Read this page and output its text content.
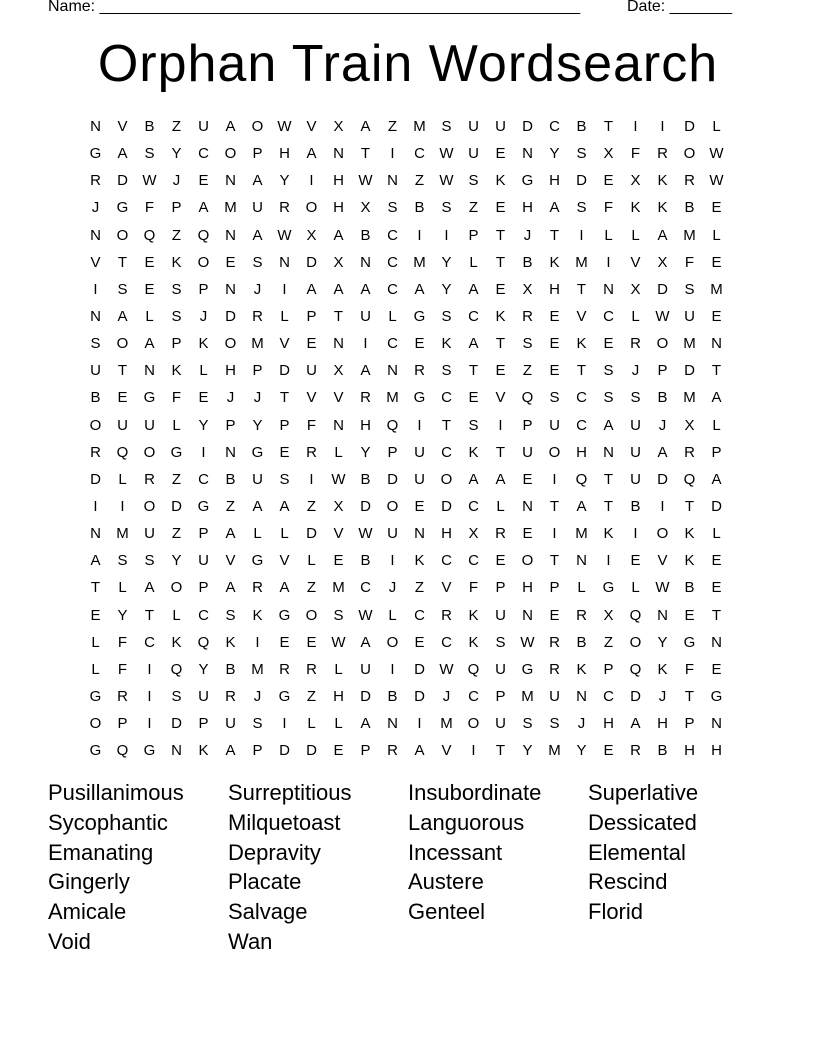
Name: ______________________________________________________	Date: _______
Orphan Train Wordsearch
N	V	B	Z	U	A	O W V	X	A	Z	M	S	U	U	D	C	B	T	I	I	D	L
G	A	S	Y	C	O	P	H	A	N	T	I	C W U	E	N	Y	S	X	F	R	O W
R	D W	J	E	N	A	Y	I	H W N	Z	W S	K	G	H	D	E	X	K	R W
J	G	F	P	A	M	U	R	O	H	X	S	B	S	Z	E	H	A	S	F	K	K	B	E
N	O	Q	Z	Q	N	A W X	A	B	C	I	I	P	T	J	T	I	L	L	A	M	L
V	T	E	K	O	E	S	N	D	X	N	C	M	Y	L	T	B	K	M	I	V	X	F	E
I	S	E	S	P	N	J	I	A	A	A	C	A	Y	A	E	X	H	T	N	X	D	S	M
N	A	L	S	J	D	R	L	P	T	U	L	G	S	C	K	R	E	V	C	L	W U	E
S	O	A	P	K	O M	V	E	N	I	C	E	K	A	T	S	E	K	E	R	O M	N
U	T	N	K	L	H	P	D	U	X	A	N	R	S	T	E	Z	E	T	S	J	P	D	T
B	E	G	F	E	J	J	T	V	V	R	M G	C	E	V	Q	S	C	S	S	B	M	A
O	U	U	L	Y	P	Y	P	F	N	H	Q	I	T	S	I	P	U	C	A	U	J	X	L
R	Q	O	G	I	N	G	E	R	L	Y	P	U	C	K	T	U	O	H	N	U	A	R	P
D	L	R	Z	C	B	U	S	I	W B	D	U	O	A	A	E	I	Q	T	U	D	Q	A
I	I	O	D	G	Z	A	A	Z	X	D	O	E	D	C	L	N	T	A	T	B	I	T	D
N	M	U	Z	P	A	L	L	D	V W U	N	H	X	R	E	I	M	K	I	O	K	L
A	S	S	Y	U	V	G	V	L	E	B	I	K	C	C	E	O	T	N	I	E	V	K	E
T	L	A	O	P	A	R	A	Z	M	C	J	Z	V	F	P	H	P	L	G	L	W B	E
E	Y	T	L	C	S	K	G	O	S W	L	C	R	K	U	N	E	R	X	Q	N	E	T
L	F	C	K	Q	K	I	E	E W A	O	E	C	K	S W R	B	Z	O	Y	G	N
L	F	I	Q	Y	B	M	R	R	L	U	I	D W Q	U	G	R	K	P	Q	K	F	E
G	R	I	S	U	R	J	G	Z	H	D	B	D	J	C	P	M	U	N	C	D	J	T	G
O	P	I	D	P	U	S	I	L	L	A	N	I	M O	U	S	S	J	H	A	H	P	N
G	Q	G	N	K	A	P	D	D	E	P	R	A	V	I	T	Y	M	Y	E	R	B	H	H
Pusillanimous	Surreptitious	Insubordinate	Superlative
Sycophantic	Milquetoast	Languorous	Dessicated
Emanating	Depravity	Incessant	Elemental
Gingerly	Placate	Austere	Rescind
Amicale	Salvage	Genteel	Florid
Void	Wan
